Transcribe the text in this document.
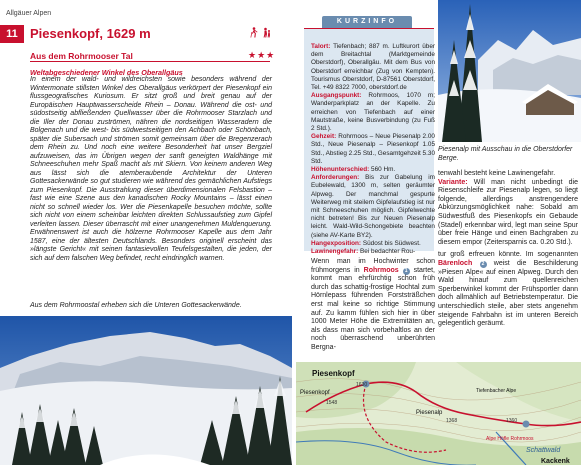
Allgäuer Alpen
11 Piesenkopf, 1629 m

Aus dem Rohrmooser Tal	★★★
Weltabgeschiedener Winkel des Oberallgäus
In einem der wald- und wildreichsten sowie besonders während der Wintermonate stillsten Winkel des Oberallgäus verkörpert der Piesenkopf ein flussgeografisches Kuriosum. Er sitzt groß und breit genau auf der Europäischen Hauptwasserscheide Rhein – Donau. Während die ost- und südostseitig abfließenden Quellwasser über die Rohrmooser Starzlach und die Iller der Donau zuströmen, nähren die nordseitigen Wasseradern die Bolgenach und die west- bis südwestseitigen den Achbach oder Schönbach, später die Subersach und strömen somit gemeinsam über die Bregenzerach dem Rhein zu. Und noch eine weitere Besonderheit hat unser Bergziel aufzuweisen, das im Übrigen wegen der sanft geneigten Waldhänge mit Schneeschuhen mehr Spaß macht als mit Skiern. Von keinem anderen Weg aus lässt sich die atemberaubende Architektur der Unteren Gottesackerwände so gut studieren wie während des gemächlichen Aufstiegs zum Piesenkopf. Die Ausstrahlung dieser überdimensionalen Felsbastion – fast wie eine Szene aus den kanadischen Rocky Mountains – lässt einen nicht so schnell wieder los. Wer die Piesenkapelle besuchen möchte, sollte sich nicht von einem scheinbar leichten direkten Schlussaufstieg zum Gipfel verleiten lassen. Dieser überrascht mit einer unangenehmen Muldenquerung. Erwähnenswert ist auch die hölzerne Rohrmooser Kapelle aus dem Jahr 1587, eine der ältesten Deutschlands. Besonders originell erscheint das »längste Gericht« mit seinen fantasievollen Teufelsgestalten, die jeden, der sich auf dem falschen Weg befindet, recht eindringlich warnen.
Aus dem Rohrmoostal erheben sich die Unteren Gottesackerwände.
KURZINFO

Talort: Tiefenbach; 887 m. Luftkurort über dem Breitachtal (Marktgemeinde Oberstdorf), Oberallgäu. Mit dem Bus von Oberstdorf erreichbar (Zug von Kempten). Tourismus Oberstdorf, D-87561 Oberstdorf, Tel. +49 8322 7000, oberstdorf.de

Ausgangspunkt: Rohrmoos, 1070 m; Wanderparkplatz an der Kapelle. Zu erreichen von Tiefenbach auf einer Mautstraße, keine Busverbindung (zu Fuß 2 Std.).

Gehzeit: Rohrmoos – Neue Piesenalp 2.00 Std., Neue Piesenalp – Piesenkopf 1.05 Std., Abstieg 2.25 Std., Gesamtgehzeit 5.30 Std.

Höhenunterschied: 560 Hm.

Anforderungen: Bis zur Gabelung im Eubelewald, 1300 m, selten geräumter Alpweg. Der manchmal gespurte Weiterweg mit steilem Gipfelaufstieg ist nur mit Schneeschuhen möglich. Gipfelwechte nicht betreten! Bis zur Neuen Piesenalp leicht. Wald-Wild-Schongebiete beachten (siehe AV-Karte BY2).

Hangexposition: Südost bis Südwest.

Lawinengefahr: Bei bedachter Rou-

Wenn man im Hochwinter schon frühmorgens in Rohrmoos 1 startet, kommt man ehrfürchtig schon früh durch das schattig-frostige Hochtal zum Hörnlepass führenden Forststräßchen erst mal keine so richtige Stimmung auf. Zu kamm fühlen sich hier in über 1000 Meter Höhe die Extremitäten an, als dass man sich vorbehaltlos an der noch überraschend unberührten Bergna-
Piesenalp mit Ausschau in die Oberstdorfer Berge.
tenwahl besteht keine Lawinengefahr.
Variante: Will man nicht unbedingt die Riesenschleife zur Piesenalp legen, so liegt folgende, allerdings anstrengendere Abkürzungsmöglichkeit nahe: Sobald am Südwestfuß des Piesenkopfs ein Gebaude (Stadel) erkennbar wird, legt man seine Spur über freie Hänge und einen Bachgraben zu diesem empor (Zeitersparnis ca. 0.20 Std.).
tur groß erfreuen könnte. Im sogenannten Bärenloch 2 weist die Beschilderung »Piesen Alpe« auf einen Alpweg. Durch den Wald hinauf zum quellenreichen Sperberwinkel kommt der Frühsportler dann doch allmählich auf Betriebstemperatur. Die unterschiedlich steile, aber stets angenehm steigende Fahrbahn ist im unteren Bereich gelegentlich geräumt.
Piesenkopf
Piesenkopf
Piesenalp
Alpe Höfle Rohrmoos
Tiefenbacher Alpe
Schattwald
Kackenk
1630
1548
1368	1360
